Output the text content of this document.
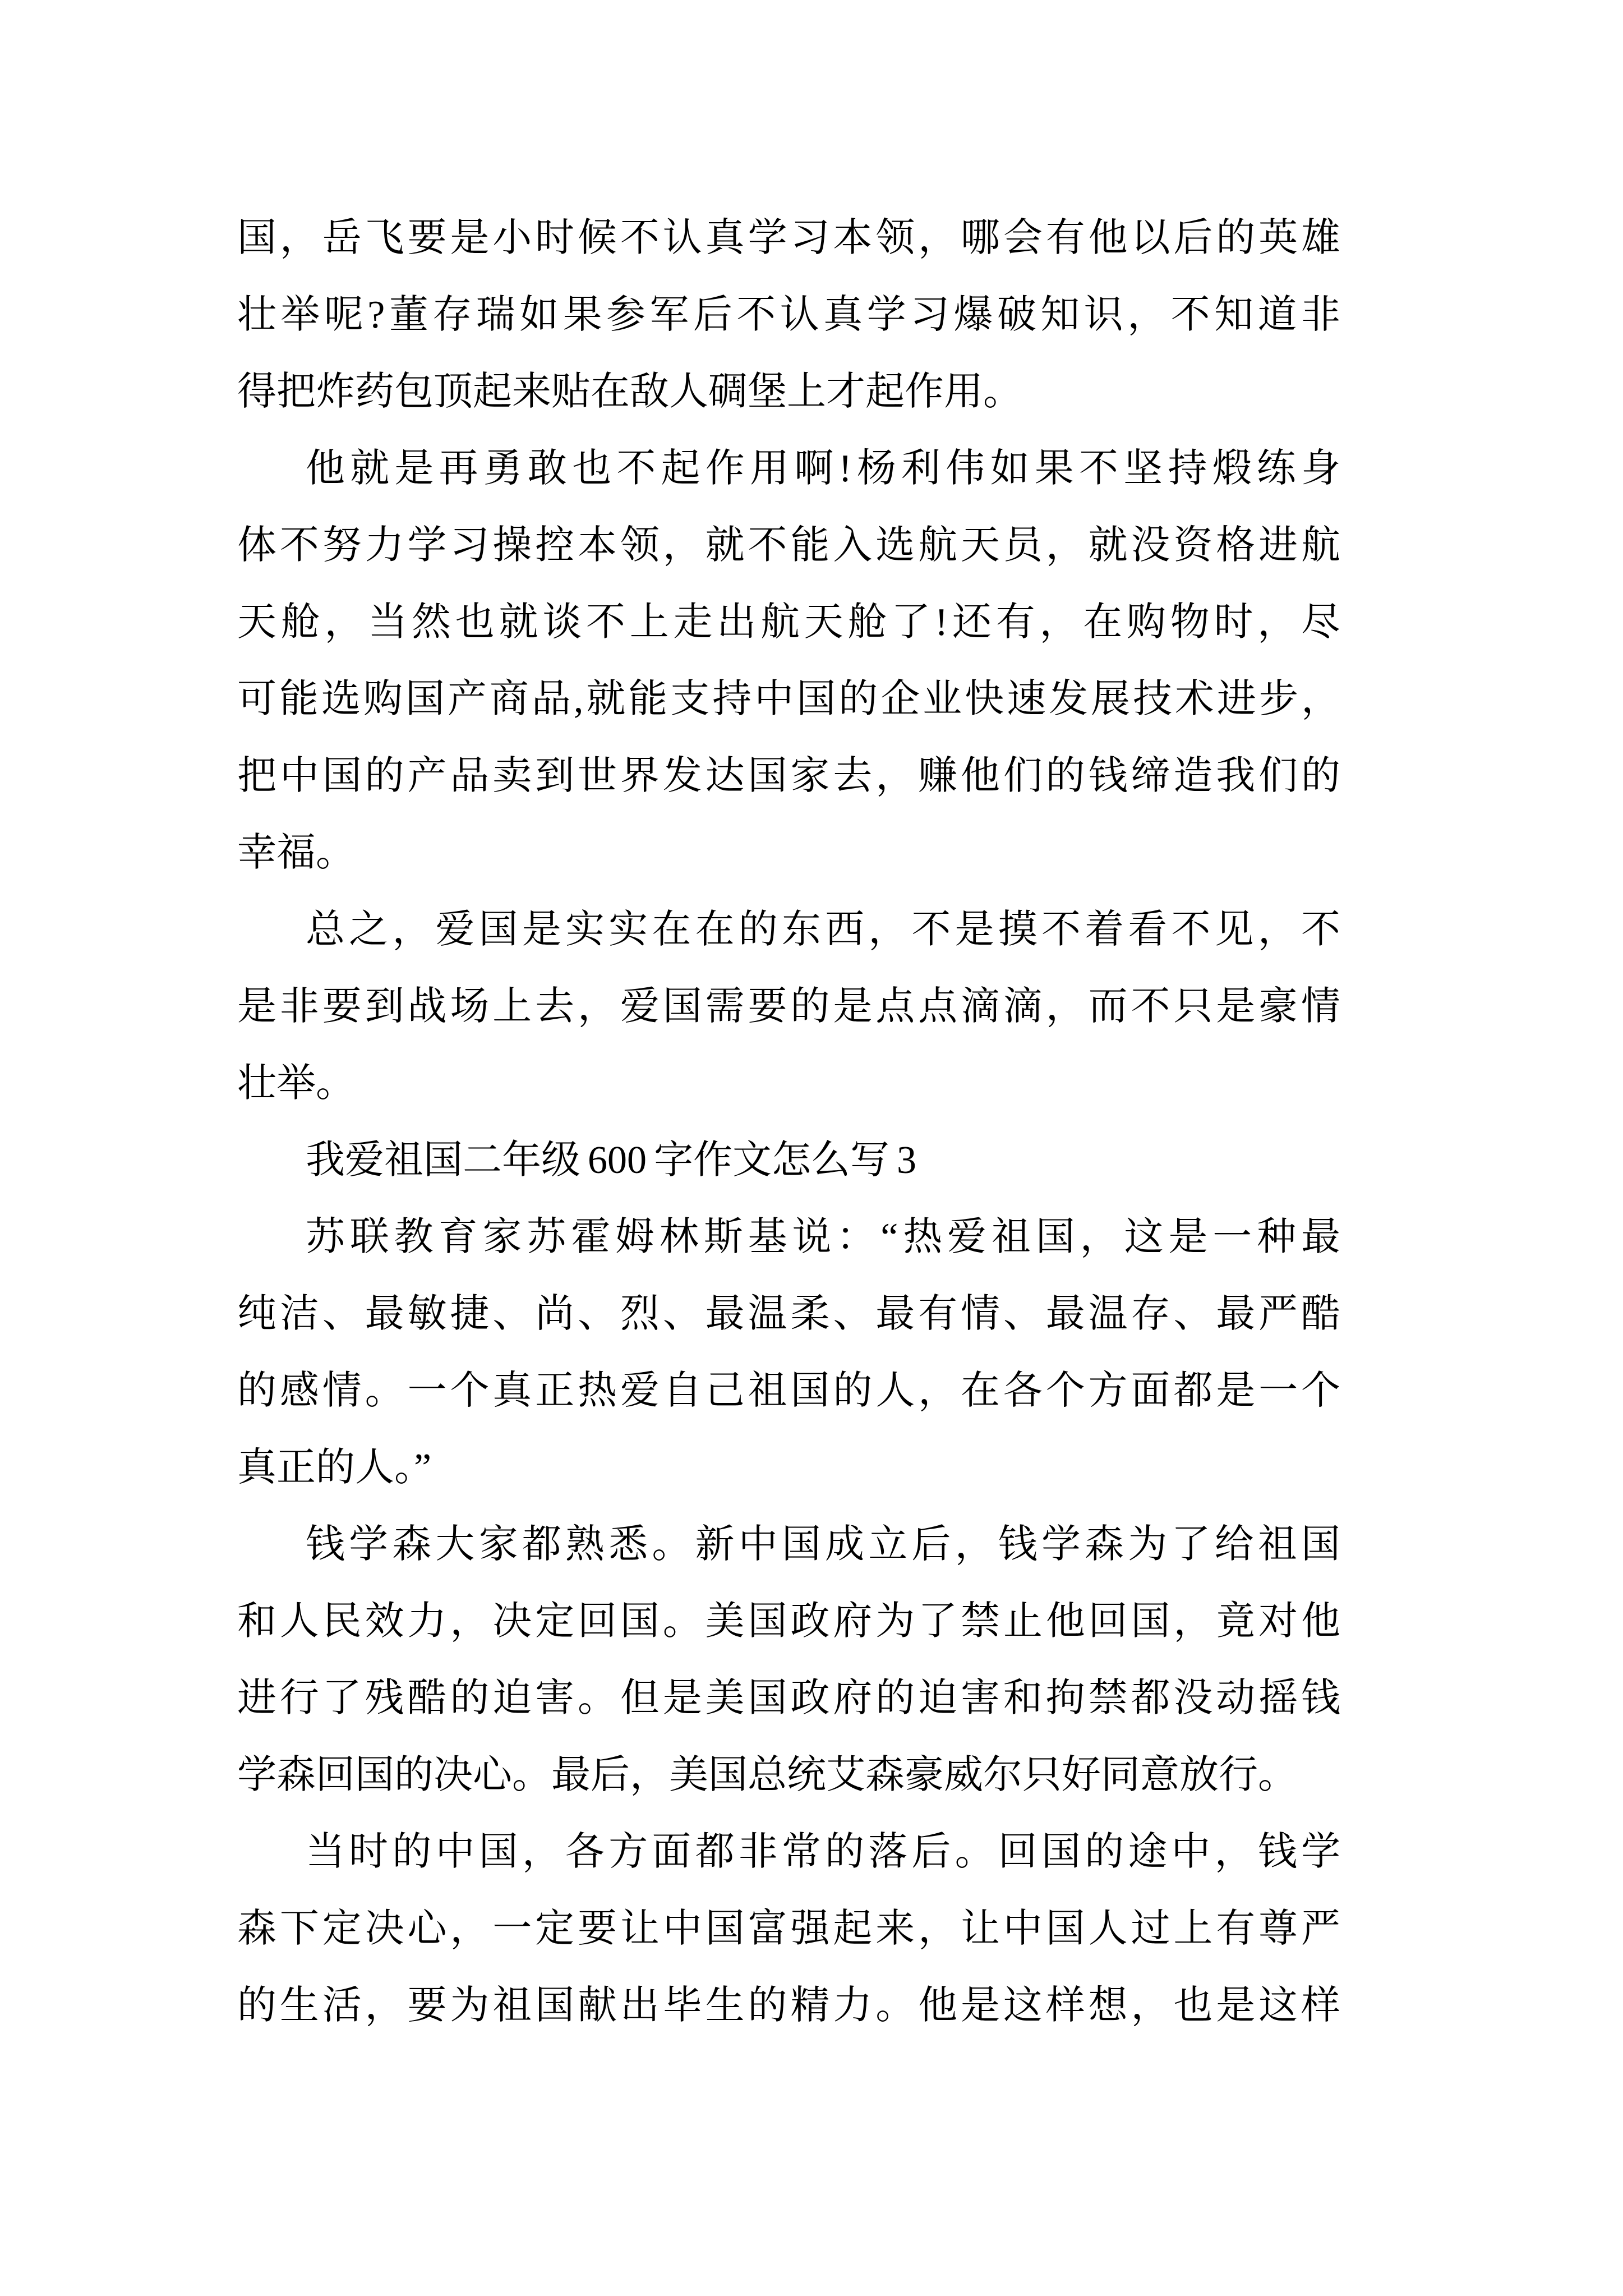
国，岳飞要是小时候不认真学习本领，哪会有他以后的英雄
壮举呢?董存瑞如果参军后不认真学习爆破知识，不知道非
得把炸药包顶起来贴在敌人碉堡上才起作用。
他就是再勇敢也不起作用啊!杨利伟如果不坚持煅练身
体不努力学习操控本领，就不能入选航天员，就没资格进航
天舱，当然也就谈不上走出航天舱了!还有，在购物时，尽
可能选购国产商品,就能支持中国的企业快速发展技术进步，
把中国的产品卖到世界发达国家去，赚他们的钱缔造我们的
幸福。
总之，爱国是实实在在的东西，不是摸不着看不见，不
是非要到战场上去，爱国需要的是点点滴滴，而不只是豪情
壮举。
我爱祖国二年级 600 字作文怎么写 3
苏联教育家苏霍姆林斯基说：“热爱祖国，这是一种最
纯洁、最敏捷、尚、烈、最温柔、最有情、最温存、最严酷
的感情。一个真正热爱自己祖国的人，在各个方面都是一个
真正的人。”
钱学森大家都熟悉。新中国成立后，钱学森为了给祖国
和人民效力，决定回国。美国政府为了禁止他回国，竟对他
进行了残酷的迫害。但是美国政府的迫害和拘禁都没动摇钱
学森回国的决心。最后，美国总统艾森豪威尔只好同意放行。
当时的中国，各方面都非常的落后。回国的途中，钱学
森下定决心，一定要让中国富强起来，让中国人过上有尊严
的生活，要为祖国献出毕生的精力。他是这样想，也是这样
